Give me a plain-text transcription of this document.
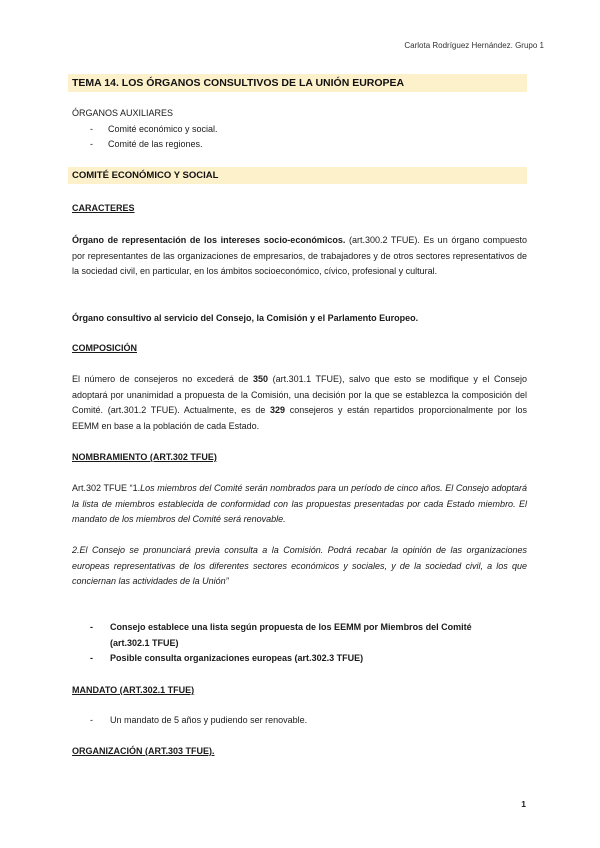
Carlota Rodríguez Hernández. Grupo 1
TEMA 14. LOS ÓRGANOS CONSULTIVOS DE LA UNIÓN EUROPEA
ÓRGANOS AUXILIARES
- Comité económico y social.
- Comité de las regiones.
COMITÉ ECONÓMICO Y SOCIAL
CARACTERES
Órgano de representación de los intereses socio-económicos. (art.300.2 TFUE). Es un órgano compuesto por representantes de las organizaciones de empresarios, de trabajadores y de otros sectores representativos de la sociedad civil, en particular, en los ámbitos socioeconómico, cívico, profesional y cultural.
Órgano consultivo al servicio del Consejo, la Comisión y el Parlamento Europeo.
COMPOSICIÓN
El número de consejeros no excederá de 350 (art.301.1 TFUE), salvo que esto se modifique y el Consejo adoptará por unanimidad a propuesta de la Comisión, una decisión por la que se establezca la composición del Comité. (art.301.2 TFUE). Actualmente, es de 329 consejeros y están repartidos proporcionalmente por los EEMM en base a la población de cada Estado.
NOMBRAMIENTO (ART.302 TFUE)
Art.302 TFUE “1.Los miembros del Comité serán nombrados para un período de cinco años. El Consejo adoptará la lista de miembros establecida de conformidad con las propuestas presentadas por cada Estado miembro. El mandato de los miembros del Comité será renovable.
2.El Consejo se pronunciará previa consulta a la Comisión. Podrá recabar la opinión de las organizaciones europeas representativas de los diferentes sectores económicos y sociales, y de la sociedad civil, a los que conciernan las actividades de la Unión”
- Consejo establece una lista según propuesta de los EEMM por Miembros del Comité
(art.302.1 TFUE)
- Posible consulta organizaciones europeas (art.302.3 TFUE)
MANDATO (ART.302.1 TFUE)
- Un mandato de 5 años y pudiendo ser renovable.
ORGANIZACIÓN (ART.303 TFUE).
1
